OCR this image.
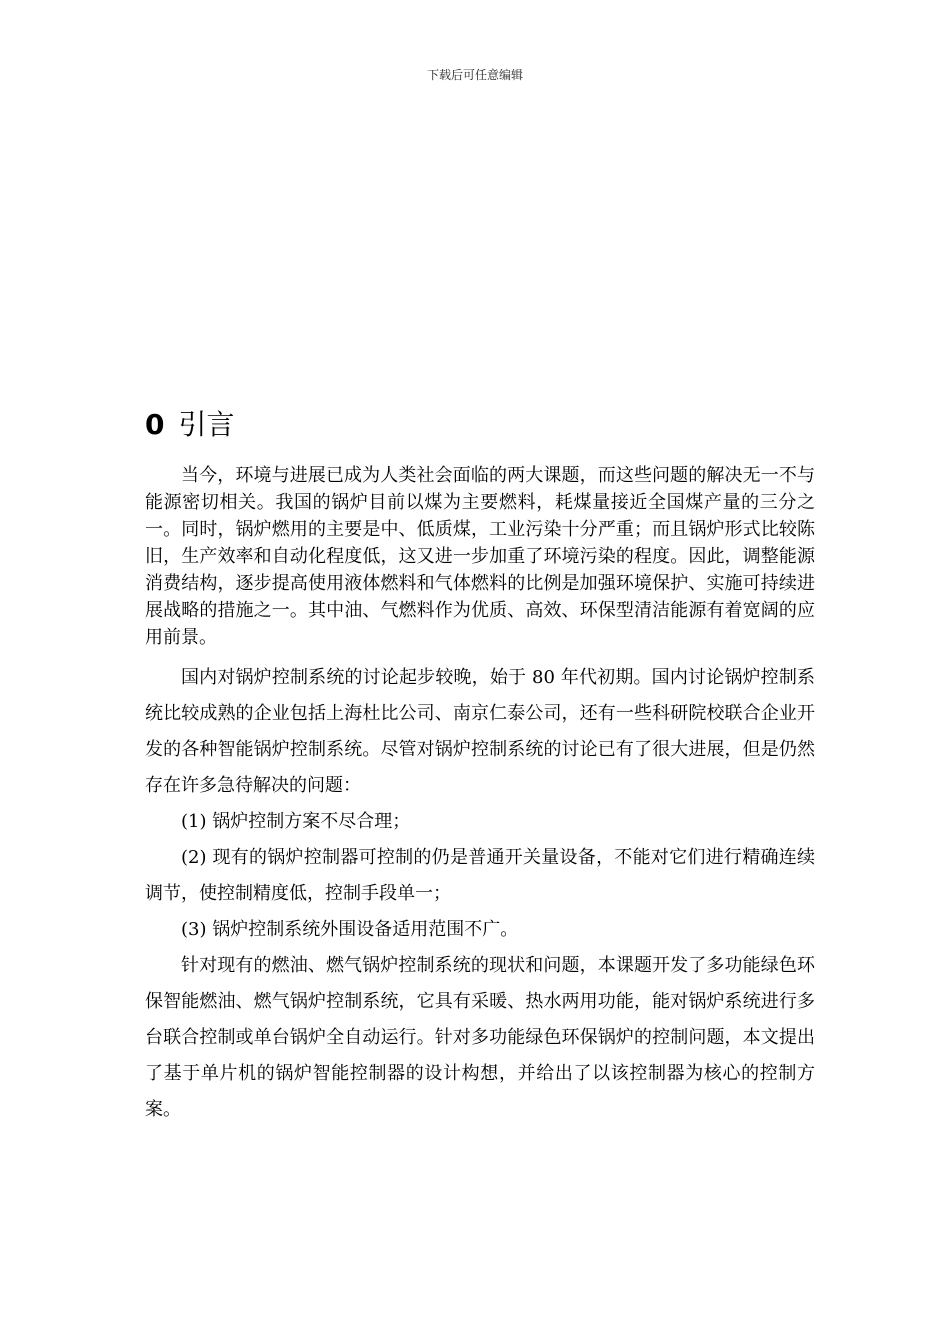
下载后可任意编辑
0 引言

当今，环境与进展已成为人类社会面临的两大课题，而这些问题的解决无一不与能源密切相关。我国的锅炉目前以煤为主要燃料，耗煤量接近全国煤产量的三分之一。同时，锅炉燃用的主要是中、低质煤，工业污染十分严重；而且锅炉形式比较陈旧，生产效率和自动化程度低，这又进一步加重了环境污染的程度。因此，调整能源消费结构，逐步提高使用液体燃料和气体燃料的比例是加强环境保护、实施可持续进展战略的措施之一。其中油、气燃料作为优质、高效、环保型清洁能源有着宽阔的应用前景。

国内对锅炉控制系统的讨论起步较晚，始于 80 年代初期。国内讨论锅炉控制系统比较成熟的企业包括上海杜比公司、南京仁泰公司，还有一些科研院校联合企业开发的各种智能锅炉控制系统。尽管对锅炉控制系统的讨论已有了很大进展，但是仍然存在许多急待解决的问题：

(1) 锅炉控制方案不尽合理；

(2) 现有的锅炉控制器可控制的仍是普通开关量设备，不能对它们进行精确连续调节，使控制精度低，控制手段单一；

(3) 锅炉控制系统外围设备适用范围不广。

针对现有的燃油、燃气锅炉控制系统的现状和问题，本课题开发了多功能绿色环保智能燃油、燃气锅炉控制系统，它具有采暖、热水两用功能，能对锅炉系统进行多台联合控制或单台锅炉全自动运行。针对多功能绿色环保锅炉的控制问题，本文提出了基于单片机的锅炉智能控制器的设计构想，并给出了以该控制器为核心的控制方案。
